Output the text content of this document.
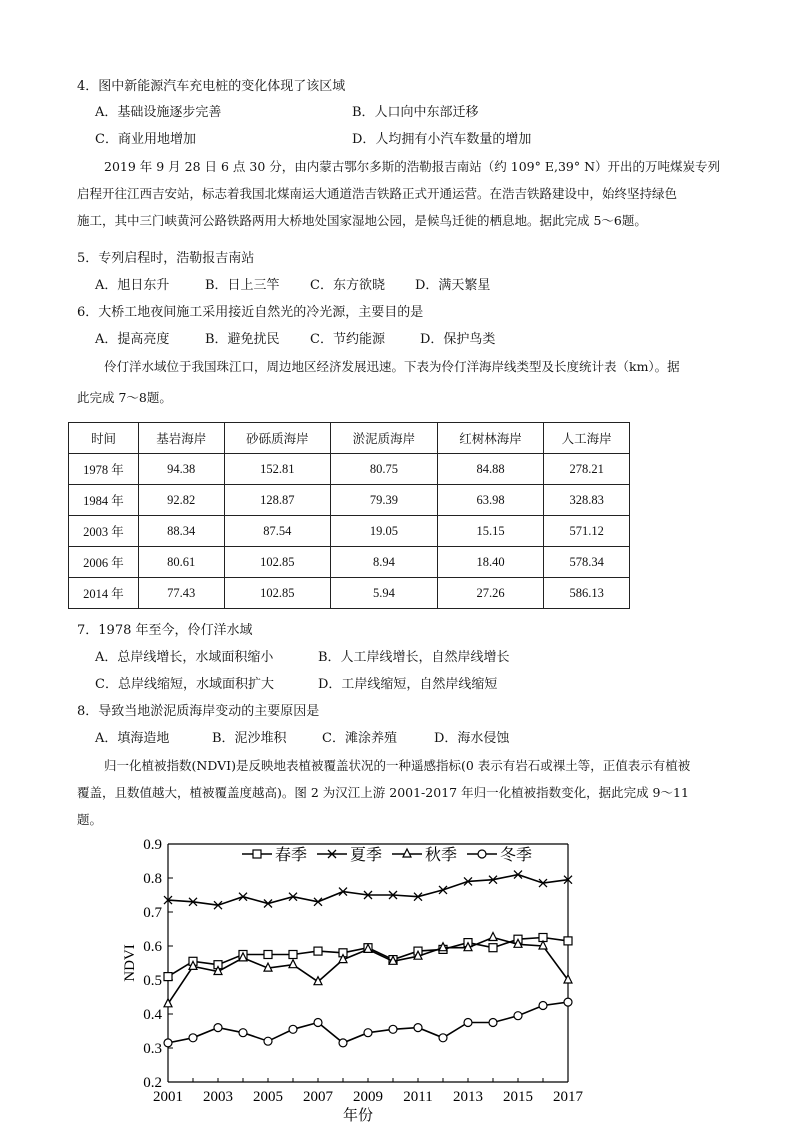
4．图中新能源汽车充电桩的变化体现了该区域
A．基础设施逐步完善	B．人口向中东部迁移
C．商业用地增加	D．人均拥有小汽车数量的增加
2019 年 9 月 28 日 6 点 30 分，由内蒙古鄂尔多斯的浩勒报吉南站（约 109° E,39° N）开出的万吨煤炭专列
启程开往江西吉安站，标志着我国北煤南运大通道浩吉铁路正式开通运营。在浩吉铁路建设中，始终坚持绿色
施工，其中三门峡黄河公路铁路两用大桥地处国家湿地公园，是候鸟迁徙的栖息地。据此完成 5～6题。
5．专列启程时，浩勒报吉南站
A．旭日东升	B．日上三竿 C．东方欲晓 D．满天繁星
6．大桥工地夜间施工采用接近自然光的冷光源，主要目的是
A．提高亮度	B．避免扰民 C．节约能源	D．保护鸟类
伶仃洋水域位于我国珠江口，周边地区经济发展迅速。下表为伶仃洋海岸线类型及长度统计表（km）。据
此完成 7～8题。
时间	基岩海岸	砂砾质海岸	淤泥质海岸	红树林海岸	人工海岸
1978 年	94.38	152.81	80.75	84.88	278.21
1984 年	92.82	128.87	79.39	63.98	328.83
2003 年	88.34	87.54	19.05	15.15	571.12
2006 年	80.61	102.85	8.94	18.40	578.34
2014 年	77.43	102.85	5.94	27.26	586.13
7．1978 年至今，伶仃洋水域
A．总岸线增长，水域面积缩小	B．人工岸线增长，自然岸线增长
C．总岸线缩短，水域面积扩大	D．工岸线缩短，自然岸线缩短
8．导致当地淤泥质海岸变动的主要原因是
A．填海造地	B．泥沙堆积	C．滩涂养殖	D．海水侵蚀
归一化植被指数(NDVI)是反映地表植被覆盖状况的一种遥感指标(0 表示有岩石或裸土等，正值表示有植被
覆盖，且数值越大，植被覆盖度越高)。图 2 为汉江上游 2001-2017 年归一化植被指数变化，据此完成 9～11
题。
0.2
0.3
0.4
0.5
0.6
0.7
0.8
0.9
2001 2003 2005 2007 2009 2011 2013 2015 2017
NDVI
年份
春季	夏季	秋季	冬季
